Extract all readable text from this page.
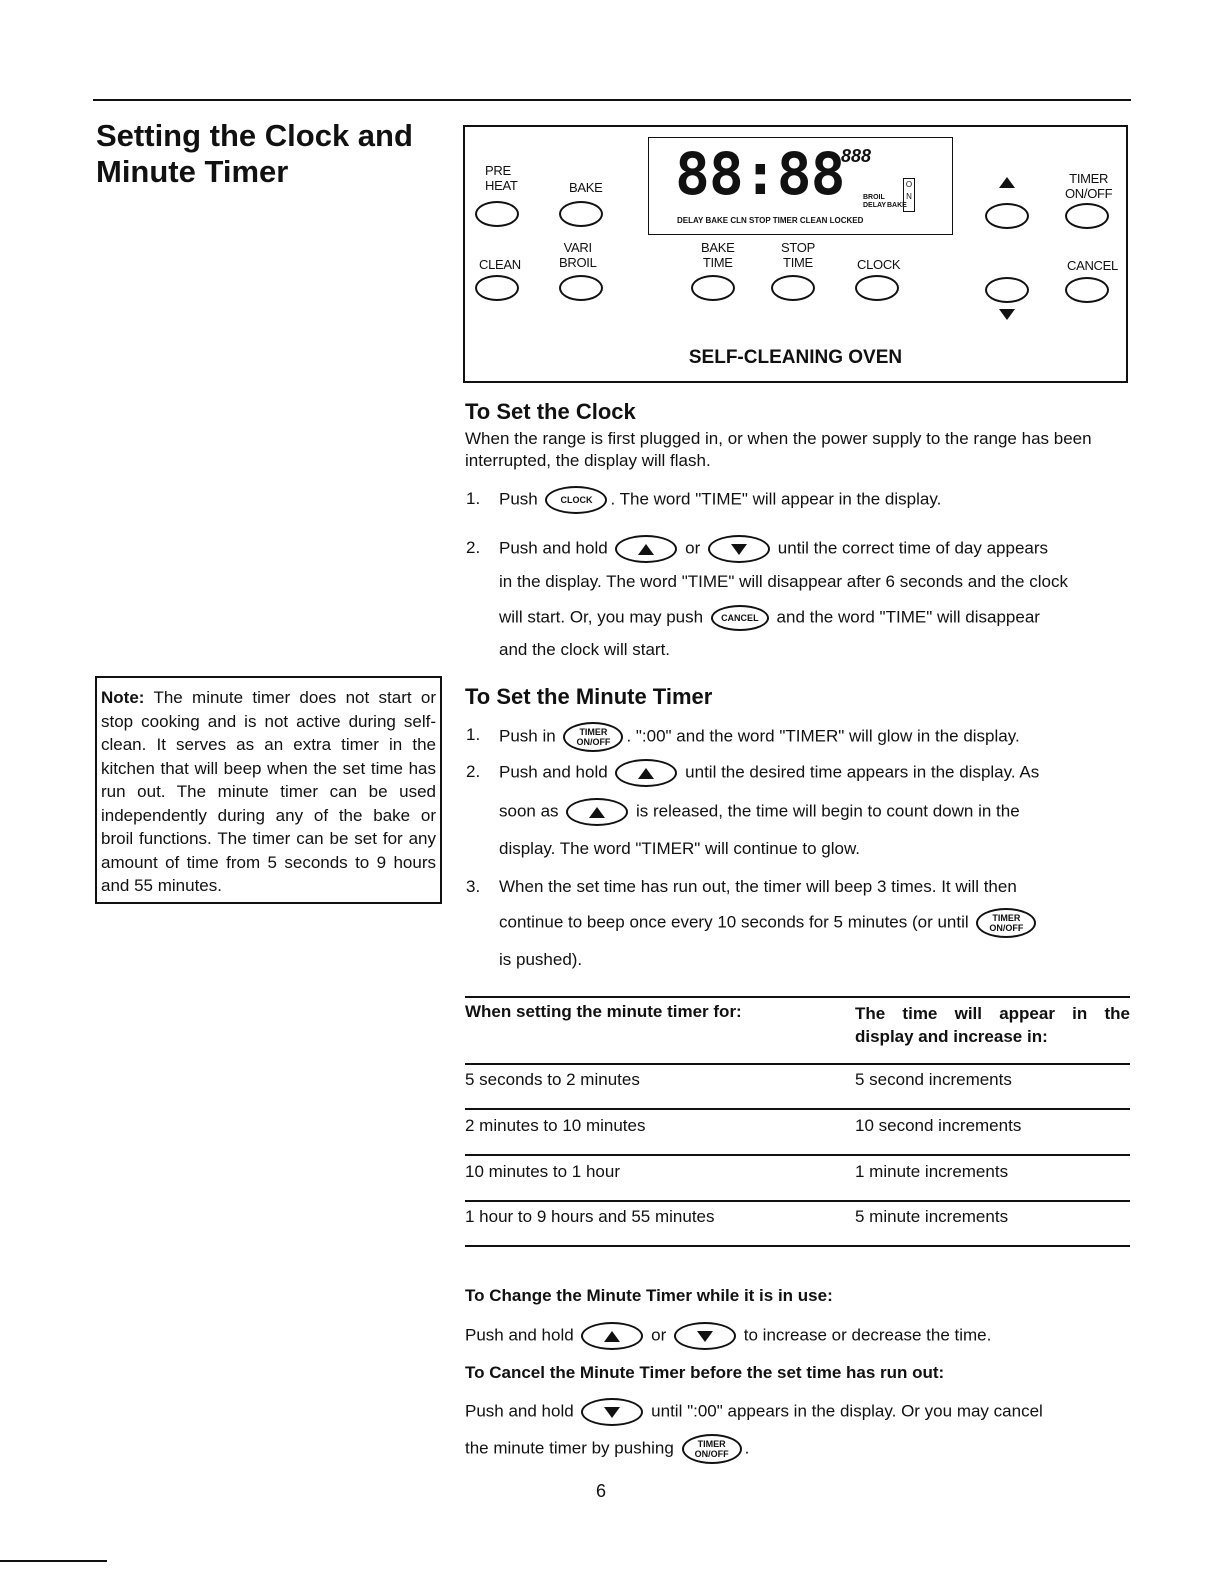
Setting the Clock and
Minute Timer	PRE
HEAT	BAKE
CLEAN
VARI
BROIL
BAKE
TIME
STOP
TIME	CLOCK
88:88
888
BROIL
DELAY BAKE
O
N
DELAY BAKE CLN STOP TIMER CLEAN LOCKED
TIMER
ON/OFF
CANCEL
SELF-CLEANING OVEN
To Set the Clock
When the range is first plugged in, or when the power supply to the range has been interrupted, the display will flash.
1. Push	CLOCK . The word "TIME" will appear in the display.
2. Push and hold	or	until the correct time of day appears
in the display. The word "TIME" will disappear after 6 seconds and the clock
will start. Or, you may push CANCEL and the word "TIME" will disappear
and the clock will start.
Note: The minute timer does not start or stop cooking and is not active during self-clean. It serves as an extra timer in the kitchen that will beep when the set time has run out. The minute timer can be used independently during any of the bake or broil functions. The timer can be set for any amount of time from 5 seconds to 9 hours and 55 minutes.
To Set the Minute Timer
1. Push in	TIMER
ON/OFF . ":00" and the word "TIMER" will glow in the display.
2. Push and hold	until the desired time appears in the display. As
soon as	is released, the time will begin to count down in the
display. The word "TIMER" will continue to glow.
3. When the set time has run out, the timer will beep 3 times. It will then
continue to beep once every 10 seconds for 5 minutes (or until	TIMER
ON/OFF
is pushed).
When setting the minute timer for:	The time will appear in the display and increase in:
5 seconds to 2 minutes	5 second increments
2 minutes to 10 minutes	10 second increments
10 minutes to 1 hour	1 minute increments
1 hour to 9 hours and 55 minutes	5 minute increments
To Change the Minute Timer while it is in use:
Push and hold	or	to increase or decrease the time.
To Cancel the Minute Timer before the set time has run out:
Push and hold	until ":00" appears in the display. Or you may cancel
the minute timer by pushing	TIMER
ON/OFF .
6
